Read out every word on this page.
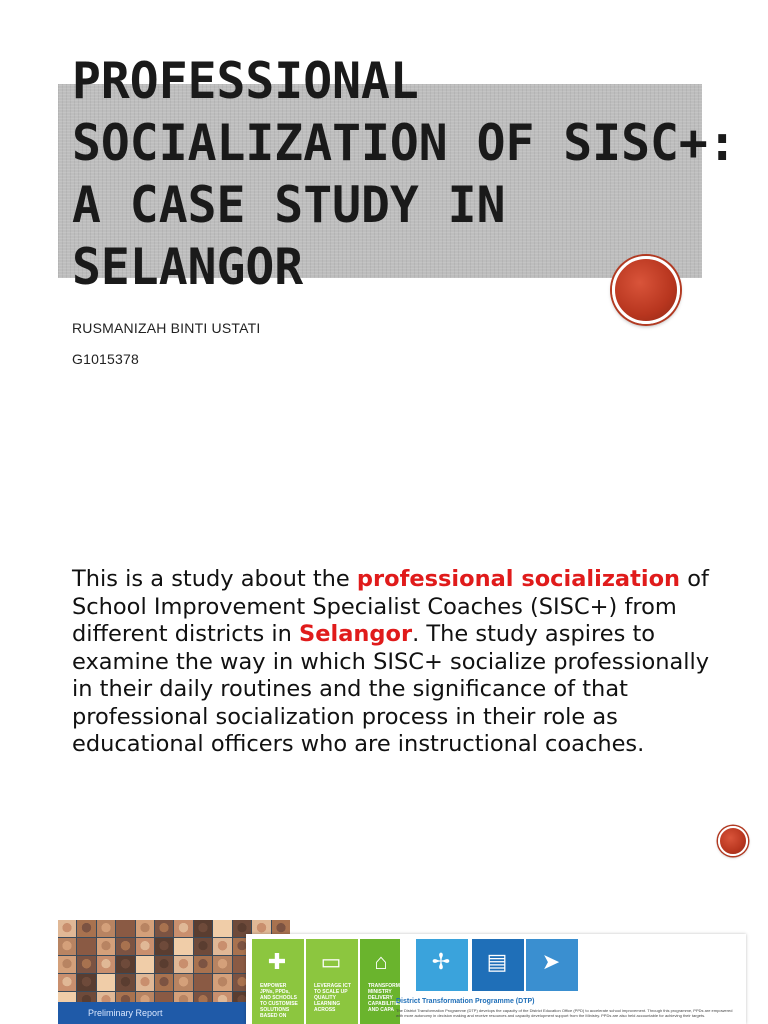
PROFESSIONAL
SOCIALIZATION OF SISC+:
A CASE STUDY IN
SELANGOR

RUSMANIZAH BINTI USTATI

G1015378

This is a study about the professional socialization of School Improvement Specialist Coaches (SISC+) from different districts in Selangor. The study aspires to examine the way in which SISC+ socialize professionally in their daily routines and the significance of that professional socialization process in their role as educational officers who are instructional coaches.

Preliminary Report
✚
EMPOWER JPNs, PPDs, AND SCHOOLS TO CUSTOMISE SOLUTIONS BASED ON
▭
LEVERAGE ICT TO SCALE UP QUALITY LEARNING ACROSS
⌂
TRANSFORM MINISTRY DELIVERY CAPABILITIES AND CAPA
✢ ▤ ➤
District Transformation Programme (DTP)
The District Transformation Programme (DTP) develops the capacity of the District Education Office (PPD) to accelerate school improvement. Through this programme, PPDs are empowered with more autonomy in decision making and receive resources and capacity development support from the Ministry. PPDs are also held accountable for achieving their targets.
